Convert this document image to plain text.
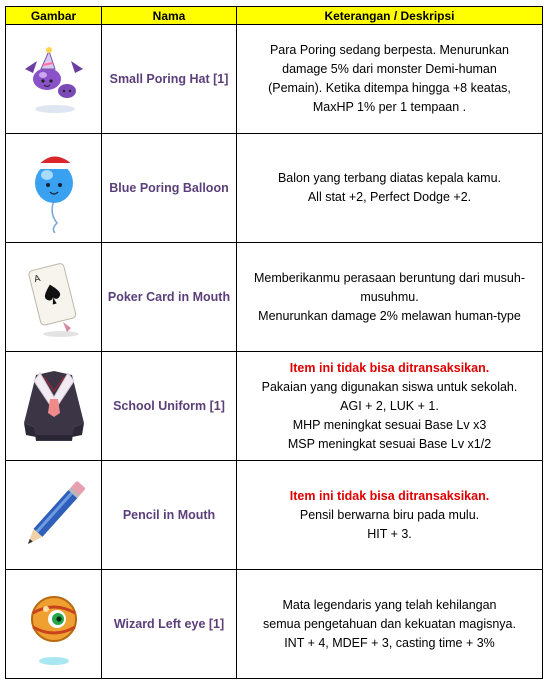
Gambar	Nama	Keterangan / Deskripsi

	Small Poring Hat [1]	Para Poring sedang berpesta. Menurunkan
damage 5% dari monster Demi-human
(Pemain). Ketika ditempa hingga +8 keatas,
MaxHP 1% per 1 tempaan .

	Blue Poring Balloon	Balon yang terbang diatas kepala kamu.
All stat +2, Perfect Dodge +2.

A	Poker Card in Mouth	Memberikanmu perasaan beruntung dari musuh-
musuhmu.
Menurunkan damage 2% melawan human-type

	School Uniform [1]	Item ini tidak bisa ditransaksikan.
Pakaian yang digunakan siswa untuk sekolah.
AGI + 2, LUK + 1.
MHP meningkat sesuai Base Lv x3
MSP meningkat sesuai Base Lv x1/2

	Pencil in Mouth	Item ini tidak bisa ditransaksikan.
Pensil berwarna biru pada mulu.
HIT + 3.

	Wizard Left eye [1]	Mata legendaris yang telah kehilangan
semua pengetahuan dan kekuatan magisnya.
INT + 4, MDEF + 3, casting time + 3%
